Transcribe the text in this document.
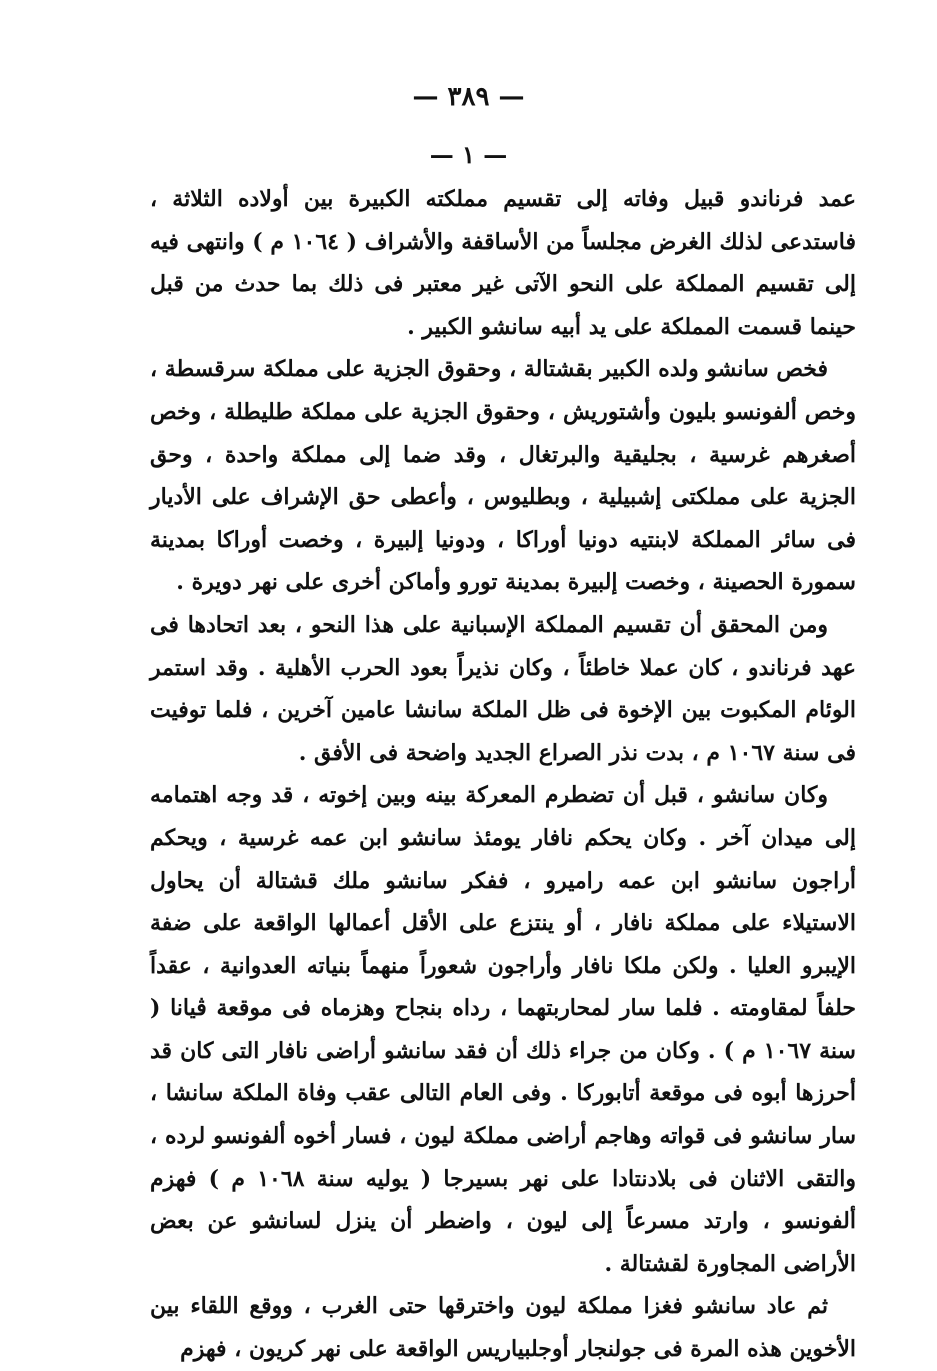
— ٣٨٩ —
— ١ —

عمد فرناندو قبيل وفاته إلى تقسيم مملكته الكبيرة بين أولاده الثلاثة ، فاستدعى لذلك الغرض مجلساً من الأساقفة والأشراف ( ١٠٦٤ م ) وانتهى فيه إلى تقسيم المملكة على النحو الآتى غير معتبر فى ذلك بما حدث من قبل حينما قسمت المملكة على يد أبيه سانشو الكبير .

فخص سانشو ولده الكبير بقشتالة ، وحقوق الجزية على مملكة سرقسطة ، وخص ألفونسو بليون وأشتوريش ، وحقوق الجزية على مملكة طليطلة ، وخص أصغرهم غرسية ، بجليقية والبرتغال ، وقد ضما إلى مملكة واحدة ، وحق الجزية على مملكتى إشبيلية ، وبطليوس ، وأعطى حق الإشراف على الأديار فى سائر المملكة لابنتيه دونيا أوراكا ، ودونيا إلبيرة ، وخصت أوراكا بمدينة سمورة الحصينة ، وخصت إلبيرة بمدينة تورو وأماكن أخرى على نهر دويرة .

ومن المحقق أن تقسيم المملكة الإسبانية على هذا النحو ، بعد اتحادها فى عهد فرناندو ، كان عملا خاطئاً ، وكان نذيراً بعود الحرب الأهلية . وقد استمر الوئام المكبوت بين الإخوة فى ظل الملكة سانشا عامين آخرين ، فلما توفيت فى سنة ١٠٦٧ م ، بدت نذر الصراع الجديد واضحة فى الأفق .

وكان سانشو ، قبل أن تضطرم المعركة بينه وبين إخوته ، قد وجه اهتمامه إلى ميدان آخر . وكان يحكم نافار يومئذ سانشو ابن عمه غرسية ، ويحكم أراجون سانشو ابن عمه راميرو ، ففكر سانشو ملك قشتالة أن يحاول الاستيلاء على مملكة نافار ، أو ينتزع على الأقل أعمالها الواقعة على ضفة الإيبرو العليا . ولكن ملكا نافار وأراجون شعوراً منهماً بنياته العدوانية ، عقداً حلفاً لمقاومته . فلما سار لمحاربتهما ، رداه بنجاح وهزماه فى موقعة ڤيانا ( سنة ١٠٦٧ م ) . وكان من جراء ذلك أن فقد سانشو أراضى نافار التى كان قد أحرزها أبوه فى موقعة أتابوركا . وفى العام التالى عقب وفاة الملكة سانشا ، سار سانشو فى قواته وهاجم أراضى مملكة ليون ، فسار أخوه ألفونسو لرده ، والتقى الاثنان فى بلادنتادا على نهر بسيرجا ( يوليه سنة ١٠٦٨ م ) فهزم ألفونسو ، وارتد مسرعاً إلى ليون ، واضطر أن ينزل لسانشو عن بعض الأراضى المجاورة لقشتالة .

ثم عاد سانشو فغزا مملكة ليون واخترقها حتى الغرب ، ووقع اللقاء بين الأخوين هذه المرة فى جولنجار أوجلبياريس الواقعة على نهر كريون ، فهزم
